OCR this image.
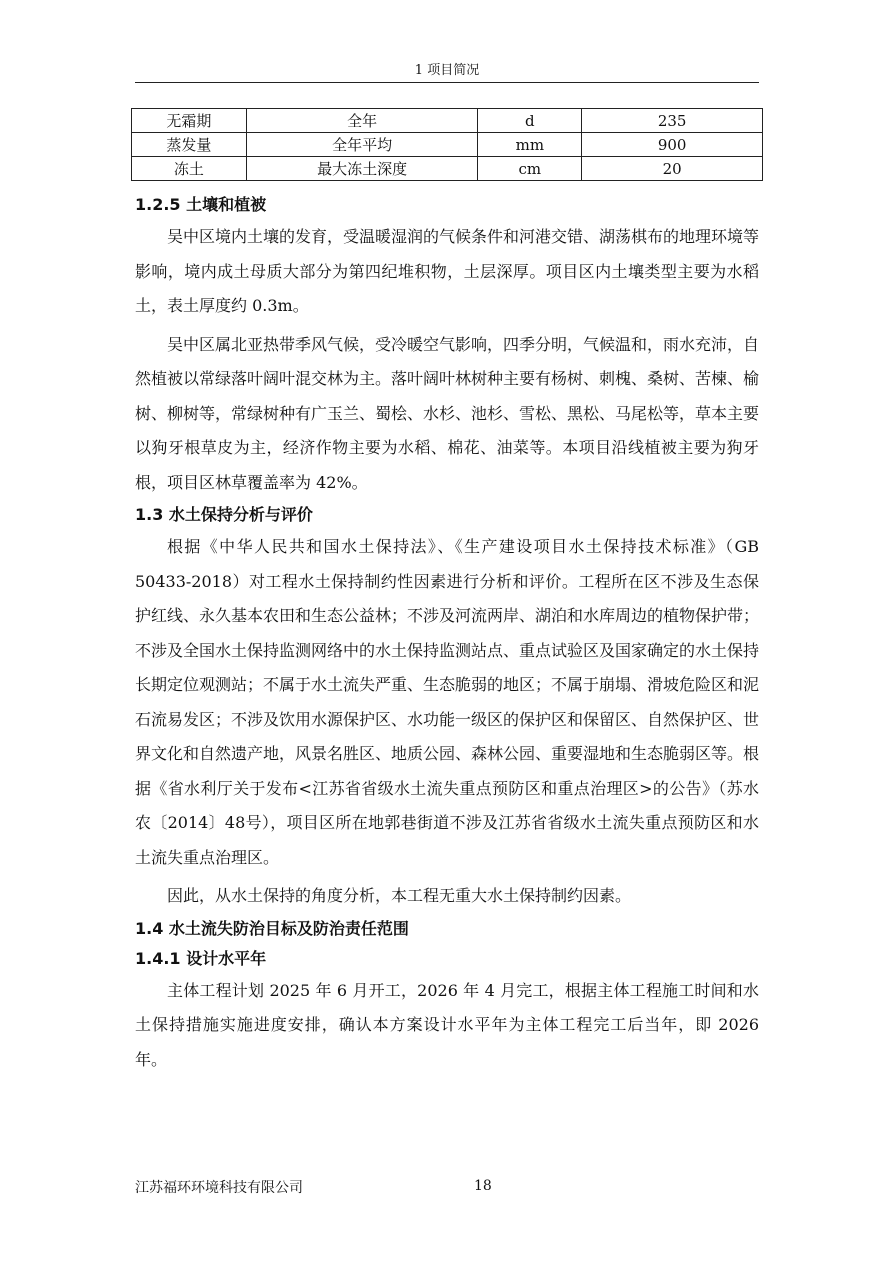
1 项目简况
无霜期	全年	d	235
蒸发量	全年平均	mm	900
冻土	最大冻土深度	cm	20
1.2.5 土壤和植被

吴中区境内土壤的发育，受温暖湿润的气候条件和河港交错、湖荡棋布的地理环境等影响，境内成土母质大部分为第四纪堆积物，土层深厚。项目区内土壤类型主要为水稻土，表土厚度约 0.3m。

吴中区属北亚热带季风气候，受冷暖空气影响，四季分明，气候温和，雨水充沛，自然植被以常绿落叶阔叶混交林为主。落叶阔叶林树种主要有杨树、刺槐、桑树、苦楝、榆树、柳树等，常绿树种有广玉兰、蜀桧、水杉、池杉、雪松、黑松、马尾松等，草本主要以狗牙根草皮为主，经济作物主要为水稻、棉花、油菜等。本项目沿线植被主要为狗牙根，项目区林草覆盖率为 42%。

1.3 水土保持分析与评价

根据《中华人民共和国水土保持法》、《生产建设项目水土保持技术标准》（GB 50433-2018）对工程水土保持制约性因素进行分析和评价。工程所在区不涉及生态保护红线、永久基本农田和生态公益林；不涉及河流两岸、湖泊和水库周边的植物保护带；不涉及全国水土保持监测网络中的水土保持监测站点、重点试验区及国家确定的水土保持长期定位观测站；不属于水土流失严重、生态脆弱的地区；不属于崩塌、滑坡危险区和泥石流易发区；不涉及饮用水源保护区、水功能一级区的保护区和保留区、自然保护区、世界文化和自然遗产地，风景名胜区、地质公园、森林公园、重要湿地和生态脆弱区等。根据《省水利厅关于发布<江苏省省级水土流失重点预防区和重点治理区>的公告》（苏水农〔2014〕48号），项目区所在地郭巷街道不涉及江苏省省级水土流失重点预防区和水土流失重点治理区。

因此，从水土保持的角度分析，本工程无重大水土保持制约因素。

1.4 水土流失防治目标及防治责任范围
1.4.1 设计水平年

主体工程计划 2025 年 6 月开工，2026 年 4 月完工，根据主体工程施工时间和水土保持措施实施进度安排，确认本方案设计水平年为主体工程完工后当年，即 2026 年。

江苏福环环境科技有限公司	18
